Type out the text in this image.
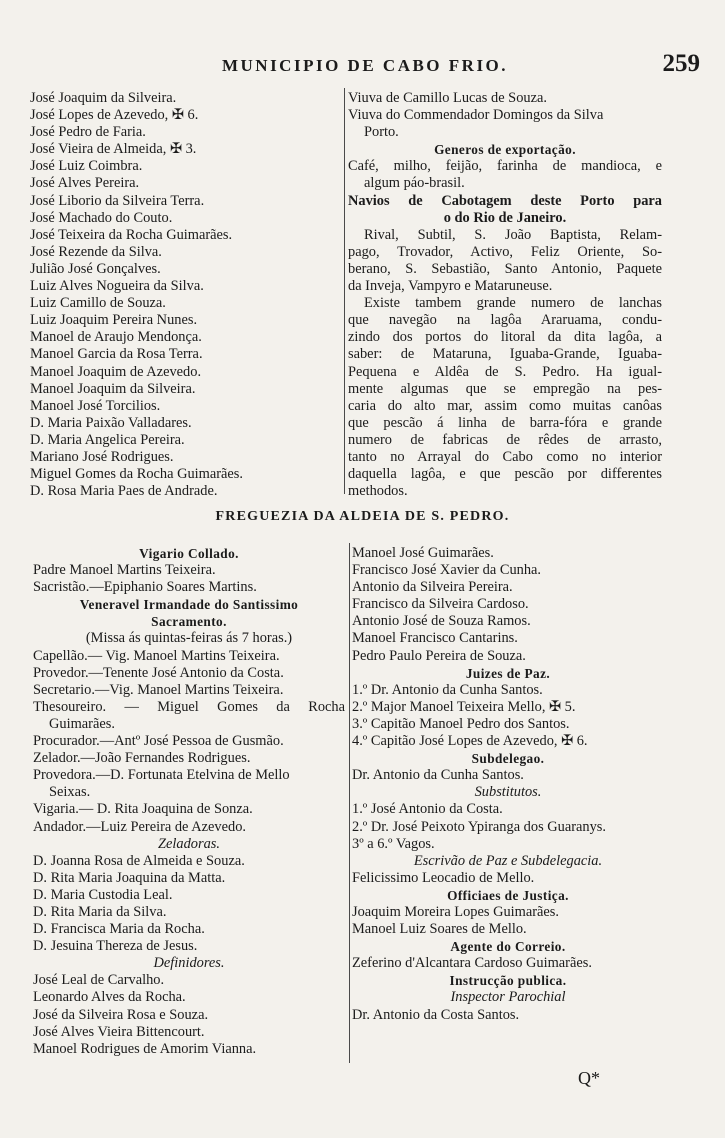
MUNICIPIO DE CABO FRIO.	259
José Joaquim da Silveira.
José Lopes de Azevedo, ✠ 6.
José Pedro de Faria.
José Vieira de Almeida, ✠ 3.
José Luiz Coimbra.
José Alves Pereira.
José Liborio da Silveira Terra.
José Machado do Couto.
José Teixeira da Rocha Guimarães.
José Rezende da Silva.
Julião José Gonçalves.
Luiz Alves Nogueira da Silva.
Luiz Camillo de Souza.
Luiz Joaquim Pereira Nunes.
Manoel de Araujo Mendonça.
Manoel Garcia da Rosa Terra.
Manoel Joaquim de Azevedo.
Manoel Joaquim da Silveira.
Manoel José Torcilios.
D. Maria Paixão Valladares.
D. Maria Angelica Pereira.
Mariano José Rodrigues.
Miguel Gomes da Rocha Guimarães.
D. Rosa Maria Paes de Andrade.
Viuva de Camillo Lucas de Souza.
Viuva do Commendador Domingos da Silva
Porto.
Generos de exportação.
Café, milho, feijão, farinha de mandioca, e
algum páo-brasil.
Navios de Cabotagem deste Porto para
o do Rio de Janeiro.
Rival, Subtil, S. João Baptista, Relam-
pago, Trovador, Activo, Feliz Oriente, So-
berano, S. Sebastião, Santo Antonio, Paquete
da Inveja, Vampyro e Mataruneuse.
Existe tambem grande numero de lanchas
que navegão na lagôa Araruama, condu-
zindo dos portos do litoral da dita lagôa, a
saber: de Mataruna, Iguaba-Grande, Iguaba-
Pequena e Aldêa de S. Pedro. Ha igual-
mente algumas que se empregão na pes-
caria do alto mar, assim como muitas canôas
que pescão á linha de barra-fóra e grande
numero de fabricas de rêdes de arrasto,
tanto no Arrayal do Cabo como no interior
daquella lagôa, e que pescão por differentes
methodos.
FREGUEZIA DA ALDEIA DE S. PEDRO.
Vigario Collado.
Padre Manoel Martins Teixeira.
Sacristão.—Epiphanio Soares Martins.
Veneravel Irmandade do Santissimo
Sacramento.
(Missa ás quintas-feiras ás 7 horas.)
Capellão.— Vig. Manoel Martins Teixeira.
Provedor.—Tenente José Antonio da Costa.
Secretario.—Vig. Manoel Martins Teixeira.
Thesoureiro. — Miguel Gomes da Rocha
Guimarães.
Procurador.—Antº José Pessoa de Gusmão.
Zelador.—João Fernandes Rodrigues.
Provedora.—D. Fortunata Etelvina de Mello
Seixas.
Vigaria.— D. Rita Joaquina de Sonza.
Andador.—Luiz Pereira de Azevedo.
Zeladoras.
D. Joanna Rosa de Almeida e Souza.
D. Rita Maria Joaquina da Matta.
D. Maria Custodia Leal.
D. Rita Maria da Silva.
D. Francisca Maria da Rocha.
D. Jesuina Thereza de Jesus.
Definidores.
José Leal de Carvalho.
Leonardo Alves da Rocha.
José da Silveira Rosa e Souza.
José Alves Vieira Bittencourt.
Manoel Rodrigues de Amorim Vianna.
Manoel José Guimarães.
Francisco José Xavier da Cunha.
Antonio da Silveira Pereira.
Francisco da Silveira Cardoso.
Antonio José de Souza Ramos.
Manoel Francisco Cantarins.
Pedro Paulo Pereira de Souza.
Juizes de Paz.
1.º Dr. Antonio da Cunha Santos.
2.º Major Manoel Teixeira Mello, ✠ 5.
3.º Capitão Manoel Pedro dos Santos.
4.º Capitão José Lopes de Azevedo, ✠ 6.
Subdelegao.
Dr. Antonio da Cunha Santos.
Substitutos.
1.º José Antonio da Costa.
2.º Dr. José Peixoto Ypiranga dos Guaranys.
3º a 6.º Vagos.
Escrivão de Paz e Subdelegacia.
Felicissimo Leocadio de Mello.
Officiaes de Justiça.
Joaquim Moreira Lopes Guimarães.
Manoel Luiz Soares de Mello.
Agente do Correio.
Zeferino d'Alcantara Cardoso Guimarães.
Instrucção publica.
Inspector Parochial
Dr. Antonio da Costa Santos.
Q*
